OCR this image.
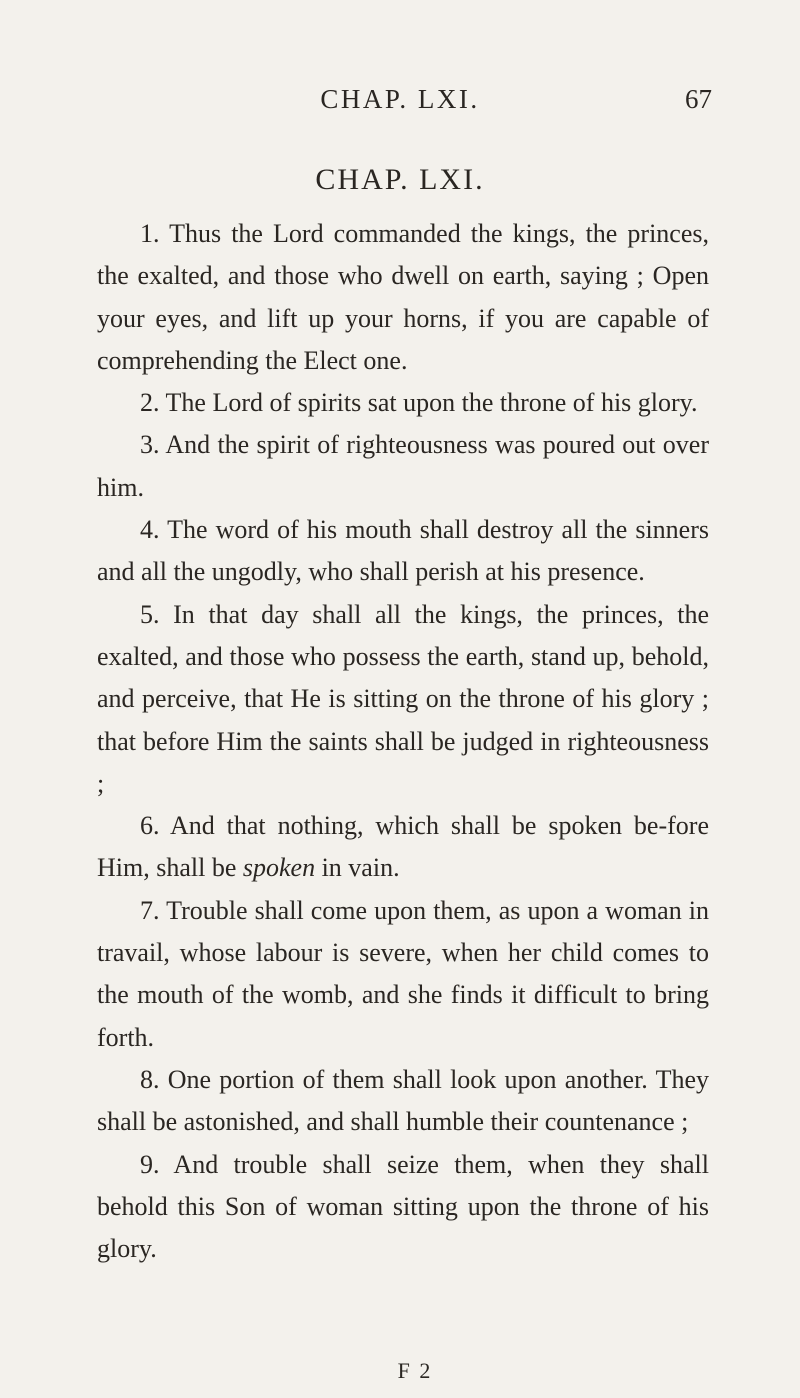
CHAP. LXI.	67
CHAP. LXI.

1. Thus the Lord commanded the kings, the princes, the exalted, and those who dwell on earth, saying ; Open your eyes, and lift up your horns, if you are capable of comprehending the Elect one.

2. The Lord of spirits sat upon the throne of his glory.

3. And the spirit of righteousness was poured out over him.

4. The word of his mouth shall destroy all the sinners and all the ungodly, who shall perish at his presence.

5. In that day shall all the kings, the princes, the exalted, and those who possess the earth, stand up, behold, and perceive, that He is sitting on the throne of his glory ; that before Him the saints shall be judged in righteousness ;

6. And that nothing, which shall be spoken be-fore Him, shall be spoken in vain.

7. Trouble shall come upon them, as upon a woman in travail, whose labour is severe, when her child comes to the mouth of the womb, and she finds it difficult to bring forth.

8. One portion of them shall look upon another. They shall be astonished, and shall humble their countenance ;

9. And trouble shall seize them, when they shall behold this Son of woman sitting upon the throne of his glory.

F 2
